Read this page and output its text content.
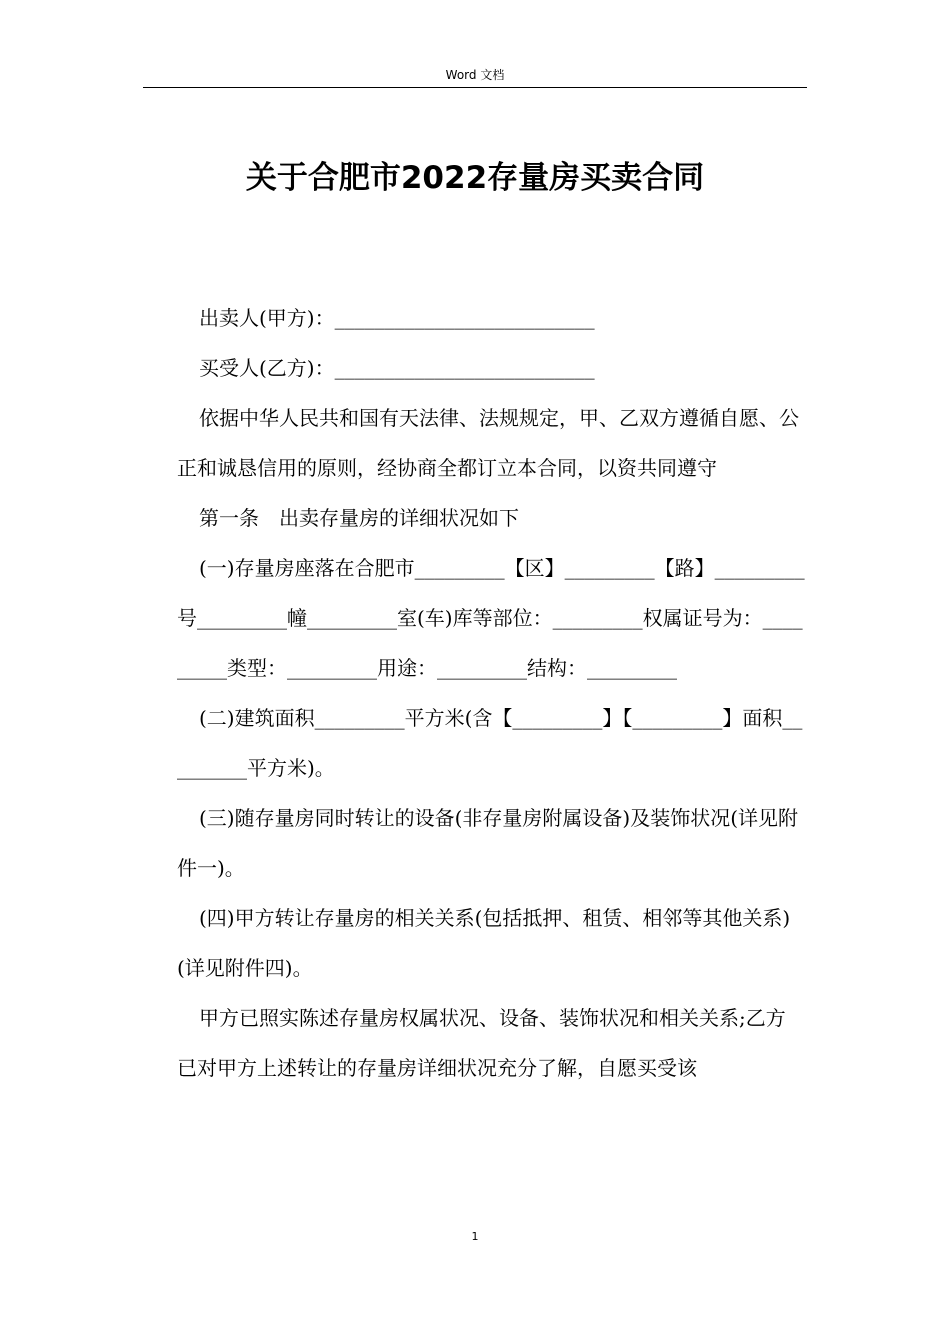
Word 文档
关于合肥市2022存量房买卖合同

出卖人(甲方)：__________________________

买受人(乙方)：__________________________

依据中华人民共和国有天法律、法规规定，甲、乙双方遵循自愿、公正和诚恳信用的原则，经协商全都订立本合同，以资共同遵守

第一条　出卖存量房的详细状况如下

(一)存量房座落在合肥市_________【区】_________【路】_________号_________幢_________室(车)库等部位：_________权属证号为：_________类型：_________用途：_________结构：_________

(二)建筑面积_________平方米(含【_________】【_________】面积_________平方米)。

(三)随存量房同时转让的设备(非存量房附属设备)及装饰状况(详见附件一)。

(四)甲方转让存量房的相关关系(包括抵押、租赁、相邻等其他关系)(详见附件四)。

甲方已照实陈述存量房权属状况、设备、装饰状况和相关关系;乙方已对甲方上述转让的存量房详细状况充分了解，自愿买受该

1
